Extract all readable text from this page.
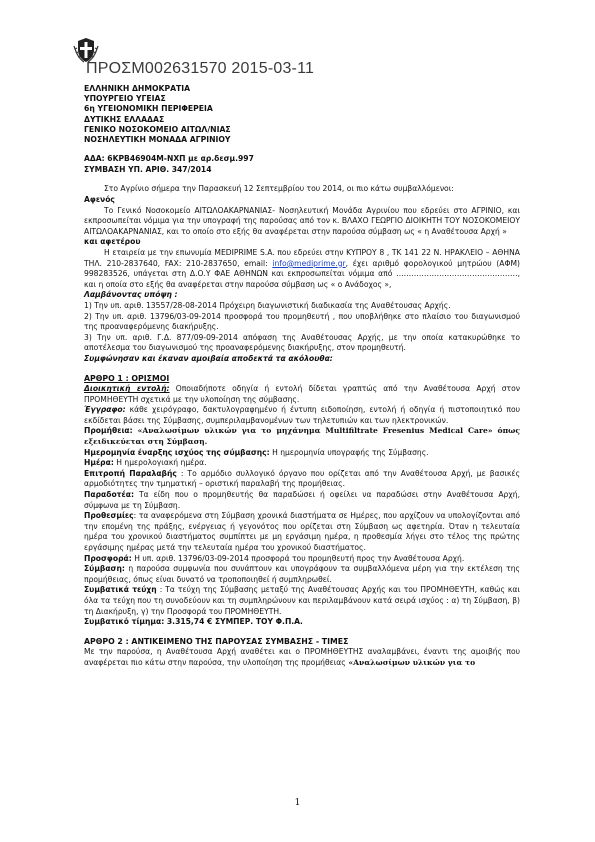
ΠΡΟΣΜ002631570 2015-03-11
ΕΛΛΗΝΙΚΗ ΔΗΜΟΚΡΑΤΙΑ
ΥΠΟΥΡΓΕΙΟ ΥΓΕΙΑΣ
6η ΥΓΕΙΟΝΟΜΙΚΗ ΠΕΡΙΦΕΡΕΙΑ
ΔΥΤΙΚΗΣ ΕΛΛΑΔΑΣ
ΓΕΝΙΚΟ ΝΟΣΟΚΟΜΕΙΟ ΑΙΤΩΛ/ΝΙΑΣ
ΝΟΣΗΛΕΥΤΙΚΗ ΜΟΝΑΔΑ ΑΓΡΙΝΙΟΥ

ΑΔΑ: 6ΚΡΒ46904Μ-ΝΧΠ με αρ.δεσμ.997

ΣΥΜΒΑΣΗ ΥΠ. ΑΡΙΘ. 347/2014

Στο Αγρίνιο σήμερα την Παρασκευή 12 Σεπτεμβρίου του 2014, οι πιο κάτω συμβαλλόμενοι:

Αφενός

Το Γενικό Νοσοκομείο ΑΙΤΩΛΟΑΚΑΡΝΑΝΙΑΣ- Νοσηλευτική Μονάδα Αγρινίου που εδρεύει στο ΑΓΡΙΝΙΟ, και εκπροσωπείται νόμιμα για την υπογραφή της παρούσας από τον κ. ΒΛΑΧΟ ΓΕΩΡΓΙΟ ΔΙΟΙΚΗΤΗ ΤΟΥ ΝΟΣΟΚΟΜΕΙΟΥ ΑΙΤΩΛΟΑΚΑΡΝΑΝΙΑΣ, και το οποίο στο εξής θα αναφέρεται στην παρούσα σύμβαση ως « η Αναθέτουσα Αρχή »

και αφετέρου

Η εταιρεία με την επωνυμία MEDIPRIME S.A. που εδρεύει στην ΚΥΠΡΟΥ 8 , ΤΚ 141 22 Ν. ΗΡΑΚΛΕΙΟ – ΑΘΗΝΑ ΤΗΛ. 210-2837640, FAX: 210-2837650, email: info@mediprime.gr, έχει αριθμό φορολογικού μητρώου (ΑΦΜ) 998283526, υπάγεται στη Δ.Ο.Υ ΦΑΕ ΑΘΗΝΩΝ και εκπροσωπείται νόμιμα από …………………………………………, και η οποία στο εξής θα αναφέρεται στην παρούσα σύμβαση ως « ο Ανάδοχος »,

Λαμβάνοντας υπόψη :

1) Την υπ. αριθ. 13557/28-08-2014 Πρόχειρη διαγωνιστική διαδικασία της Αναθέτουσας Αρχής.

2) Την υπ. αριθ. 13796/03-09-2014 προσφορά του προμηθευτή , που υποβλήθηκε στο πλαίσιο του διαγωνισμού της προαναφερόμενης διακήρυξης.

3) Την υπ. αριθ. Γ.Δ. 877/09-09-2014 απόφαση της Αναθέτουσας Αρχής, με την οποία κατακυρώθηκε το αποτέλεσμα του διαγωνισμού της προαναφερόμενης διακήρυξης, στον προμηθευτή.

Συμφώνησαν και έκαναν αμοιβαία αποδεκτά τα ακόλουθα:

ΑΡΘΡΟ 1 : ΟΡΙΣΜΟΙ

Διοικητική εντολή: Οποιαδήποτε οδηγία ή εντολή δίδεται γραπτώς από την Αναθέτουσα Αρχή στον ΠΡΟΜΗΘΕΥΤΗ σχετικά με την υλοποίηση της σύμβασης.

Έγγραφο: κάθε χειρόγραφο, δακτυλογραφημένο ή έντυπη ειδοποίηση, εντολή ή οδηγία ή πιστοποιητικό που εκδίδεται βάσει της Σύμβασης, συμπεριλαμβανομένων των τηλετυπιών και των ηλεκτρονικών.

Προμήθεια: «Αναλωσίμων υλικών για το μηχάνημα Multifiltrate Fresenius Medical Care» όπως εξειδικεύεται στη Σύμβαση.

Ημερομηνία έναρξης ισχύος της σύμβασης: Η ημερομηνία υπογραφής της Σύμβασης.

Ημέρα: Η ημερολογιακή ημέρα.

Επιτροπή Παραλαβής : Το αρμόδιο συλλογικό όργανο που ορίζεται από την Αναθέτουσα Αρχή, με βασικές αρμοδιότητες την τμηματική – οριστική παραλαβή της προμήθειας.

Παραδοτέα: Τα είδη που ο προμηθευτής θα παραδώσει ή οφείλει να παραδώσει στην Αναθέτουσα Αρχή, σύμφωνα με τη Σύμβαση.

Προθεσμίες: τα αναφερόμενα στη Σύμβαση χρονικά διαστήματα σε Ημέρες, που αρχίζουν να υπολογίζονται από την επομένη της πράξης, ενέργειας ή γεγονότος που ορίζεται στη Σύμβαση ως αφετηρία. Όταν η τελευταία ημέρα του χρονικού διαστήματος συμπίπτει με μη εργάσιμη ημέρα, η προθεσμία λήγει στο τέλος της πρώτης εργάσιμης ημέρας μετά την τελευταία ημέρα του χρονικού διαστήματος.

Προσφορά: Η υπ. αριθ. 13796/03-09-2014 προσφορά του προμηθευτή προς την Αναθέτουσα Αρχή.

Σύμβαση: η παρούσα συμφωνία που συνάπτουν και υπογράφουν τα συμβαλλόμενα μέρη για την εκτέλεση της προμήθειας, όπως είναι δυνατό να τροποποιηθεί ή συμπληρωθεί.

Συμβατικά τεύχη : Τα τεύχη της Σύμβασης μεταξύ της Αναθέτουσας Αρχής και του ΠΡΟΜΗΘΕΥΤΗ, καθώς και όλα τα τεύχη που τη συνοδεύουν και τη συμπληρώνουν και περιλαμβάνουν κατά σειρά ισχύος : α) τη Σύμβαση, β) τη Διακήρυξη, γ) την Προσφορά του ΠΡΟΜΗΘΕΥΤΗ.

Συμβατικό τίμημα: 3.315,74 € ΣΥΜΠΕΡ. ΤΟΥ Φ.Π.Α.

ΑΡΘΡΟ 2 : ΑΝΤΙΚΕΙΜΕΝΟ ΤΗΣ ΠΑΡΟΥΣΑΣ ΣΥΜΒΑΣΗΣ - ΤΙΜΕΣ

Με την παρούσα, η Αναθέτουσα Αρχή αναθέτει και ο ΠΡΟΜΗΘΕΥΤΗΣ αναλαμβάνει, έναντι της αμοιβής που αναφέρεται πιο κάτω στην παρούσα, την υλοποίηση της προμήθειας «Αναλωσίμων υλικών για το

1
